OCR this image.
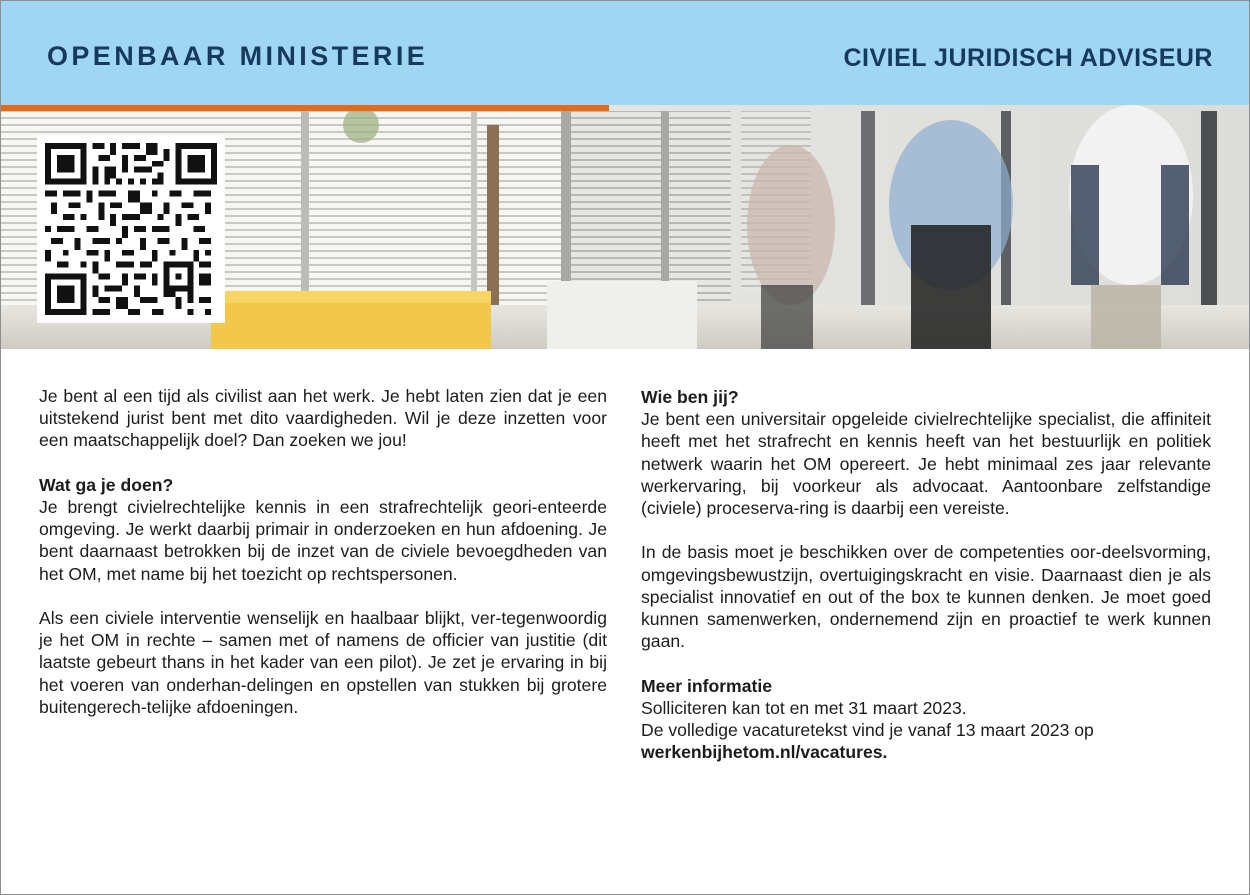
OPENBAAR MINISTERIE	CIVIEL JURIDISCH ADVISEUR

Je bent al een tijd als civilist aan het werk. Je hebt laten zien dat je een uitstekend jurist bent met dito vaardigheden. Wil je deze inzetten voor een maatschappelijk doel? Dan zoeken we jou!

Wat ga je doen?

Je brengt civielrechtelijke kennis in een strafrechtelijk geori-enteerde omgeving. Je werkt daarbij primair in onderzoeken en hun afdoening. Je bent daarnaast betrokken bij de inzet van de civiele bevoegdheden van het OM, met name bij het toezicht op rechtspersonen.

Als een civiele interventie wenselijk en haalbaar blijkt, ver-tegenwoordig je het OM in rechte – samen met of namens de officier van justitie (dit laatste gebeurt thans in het kader van een pilot). Je zet je ervaring in bij het voeren van onderhan-delingen en opstellen van stukken bij grotere buitengerech-telijke afdoeningen.

Wie ben jij?

Je bent een universitair opgeleide civielrechtelijke specialist, die affiniteit heeft met het strafrecht en kennis heeft van het bestuurlijk en politiek netwerk waarin het OM opereert. Je hebt minimaal zes jaar relevante werkervaring, bij voorkeur als advocaat. Aantoonbare zelfstandige (civiele) proceserva-ring is daarbij een vereiste.

In de basis moet je beschikken over de competenties oor-deelsvorming, omgevingsbewustzijn, overtuigingskracht en visie. Daarnaast dien je als specialist innovatief en out of the box te kunnen denken. Je moet goed kunnen samenwerken, ondernemend zijn en proactief te werk kunnen gaan.

Meer informatie
Solliciteren kan tot en met 31 maart 2023.
De volledige vacaturetekst vind je vanaf 13 maart 2023 op
werkenbijhetom.nl/vacatures.
